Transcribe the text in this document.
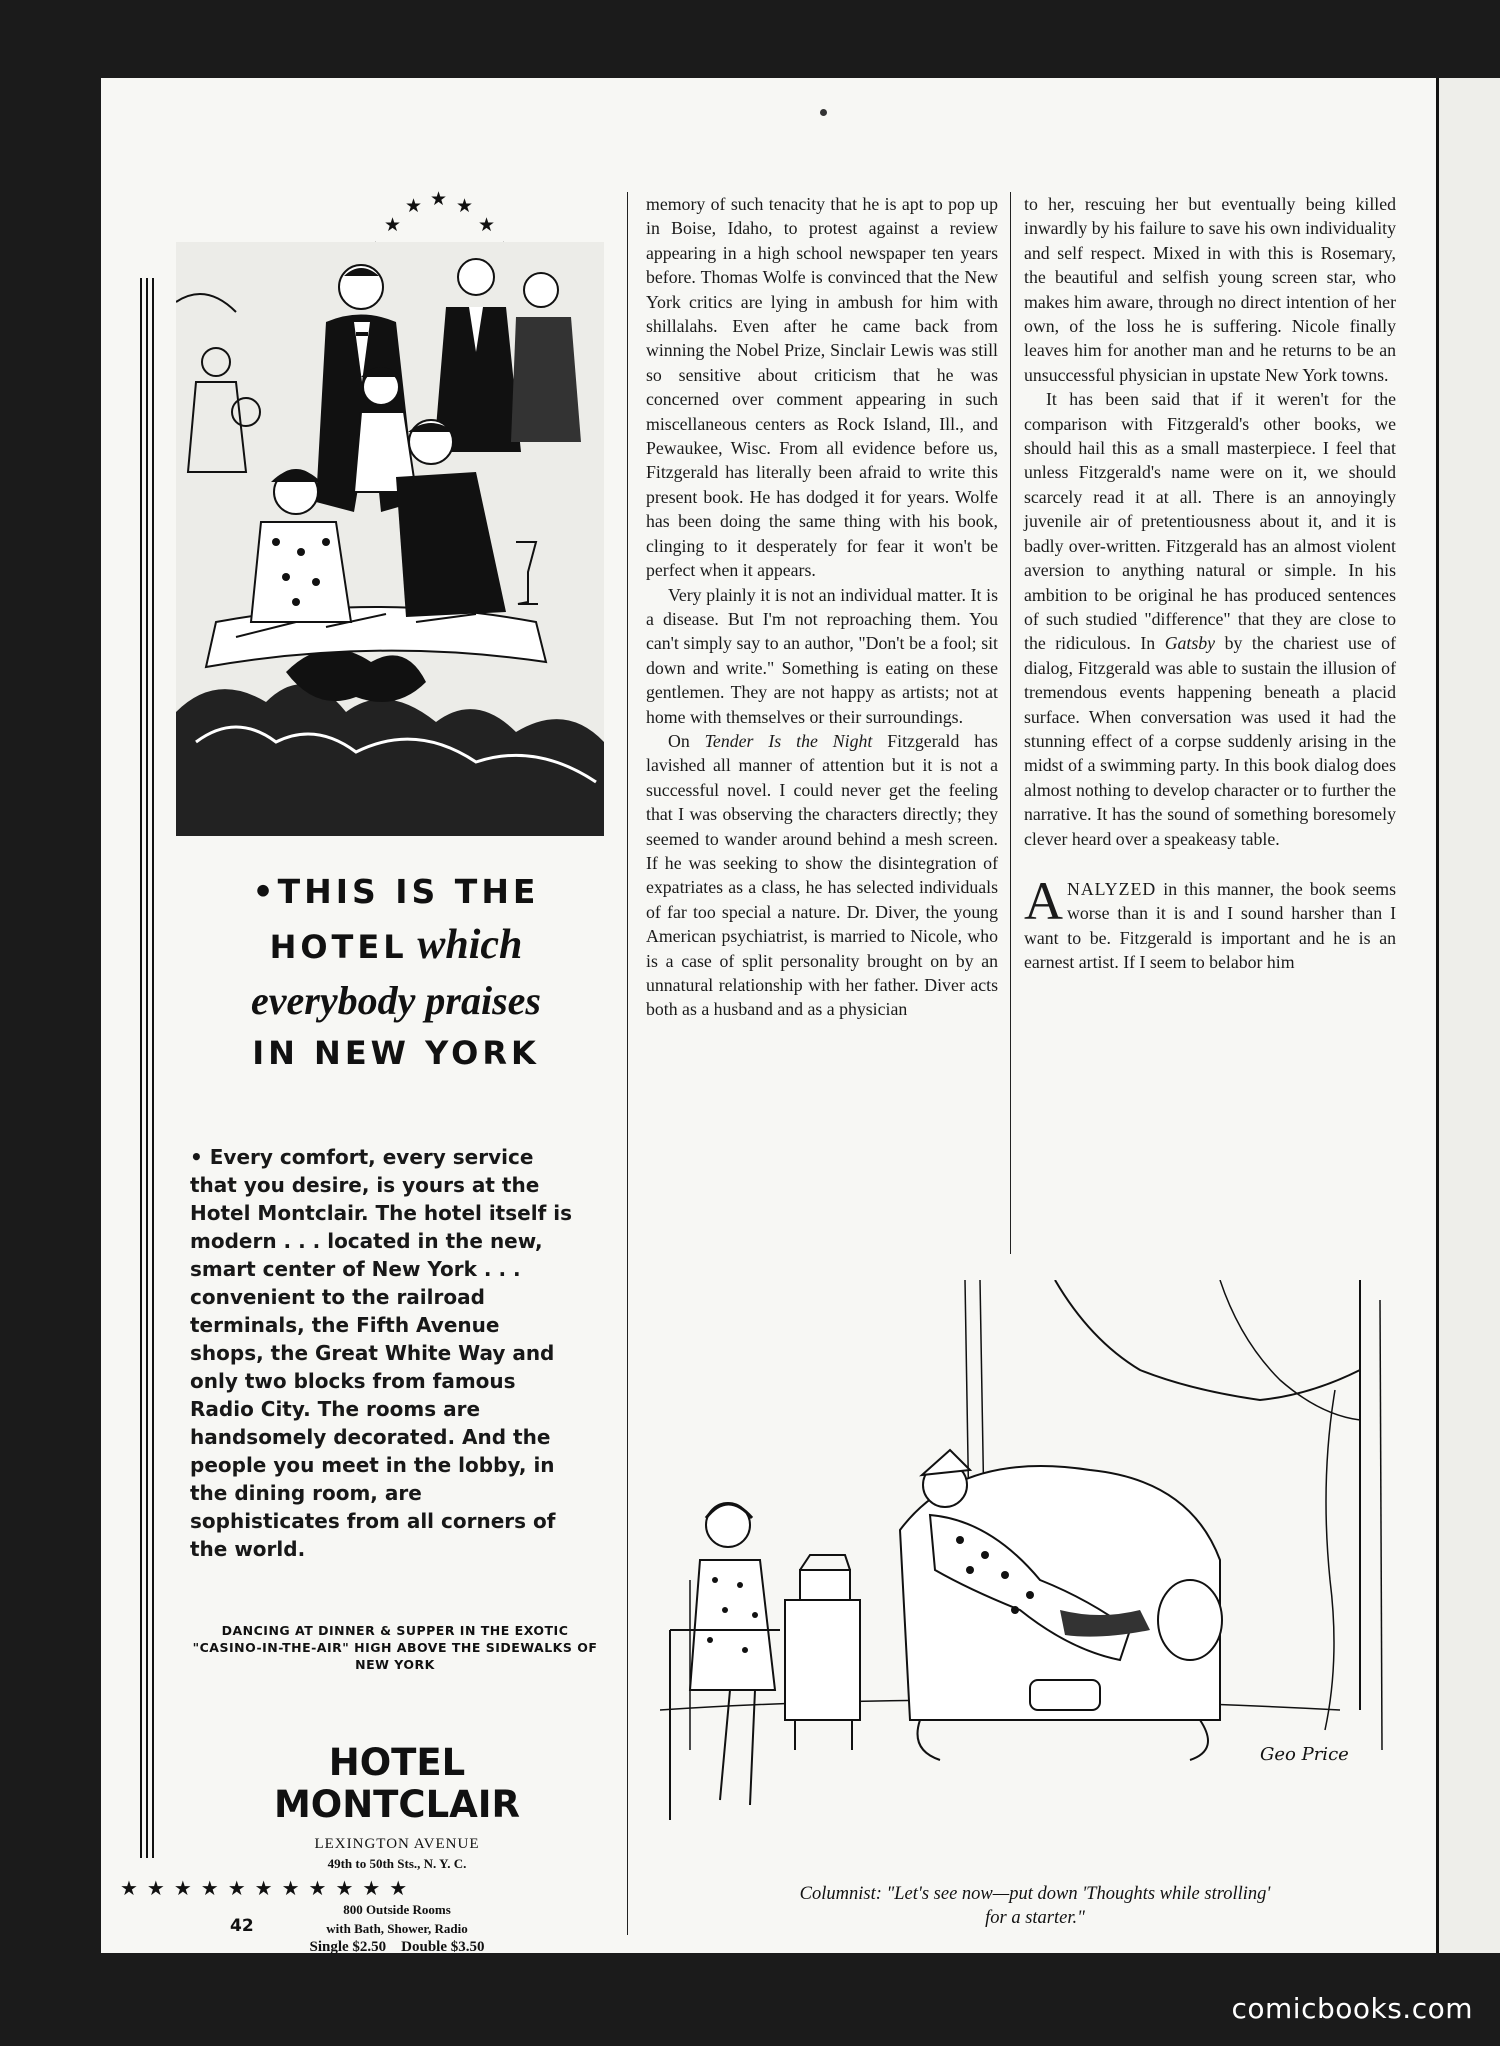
★
★ ★ ★
★

•THIS IS THE

HOTEL which

everybody praises

IN NEW YORK

• Every comfort, every service that you desire, is yours at the Hotel Montclair. The hotel itself is modern . . . located in the new, smart center of New York . . . convenient to the railroad terminals, the Fifth Avenue shops, the Great White Way and only two blocks from famous Radio City. The rooms are handsomely decorated. And the people you meet in the lobby, in the dining room, are sophisticates from all corners of the world.
DANCING AT DINNER & SUPPER IN THE EXOTIC "CASINO-IN-THE-AIR" HIGH ABOVE THE SIDEWALKS OF NEW YORK
HOTEL
MONTCLAIR
LEXINGTON AVENUE
49th to 50th Sts., N. Y. C.
800 Outside Rooms
with Bath, Shower, Radio
Single $2.50    Double $3.50
★★★★★★★★★★★
42

memory of such tenacity that he is apt to pop up in Boise, Idaho, to protest against a review appearing in a high school newspaper ten years before. Thomas Wolfe is convinced that the New York critics are lying in ambush for him with shillalahs. Even after he came back from winning the Nobel Prize, Sinclair Lewis was still so sensitive about criticism that he was concerned over comment appearing in such miscellaneous centers as Rock Island, Ill., and Pewaukee, Wisc. From all evidence before us, Fitzgerald has literally been afraid to write this present book. He has dodged it for years. Wolfe has been doing the same thing with his book, clinging to it desperately for fear it won't be perfect when it appears.

Very plainly it is not an individual matter. It is a disease. But I'm not reproaching them. You can't simply say to an author, "Don't be a fool; sit down and write." Something is eating on these gentlemen. They are not happy as artists; not at home with themselves or their surroundings.

On Tender Is the Night Fitzgerald has lavished all manner of attention but it is not a successful novel. I could never get the feeling that I was observing the characters directly; they seemed to wander around behind a mesh screen. If he was seeking to show the disintegration of expatriates as a class, he has selected individuals of far too special a nature. Dr. Diver, the young American psychiatrist, is married to Nicole, who is a case of split personality brought on by an unnatural relationship with her father. Diver acts both as a husband and as a physician

to her, rescuing her but eventually being killed inwardly by his failure to save his own individuality and self respect. Mixed in with this is Rosemary, the beautiful and selfish young screen star, who makes him aware, through no direct intention of her own, of the loss he is suffering. Nicole finally leaves him for another man and he returns to be an unsuccessful physician in upstate New York towns.

It has been said that if it weren't for the comparison with Fitzgerald's other books, we should hail this as a small masterpiece. I feel that unless Fitzgerald's name were on it, we should scarcely read it at all. There is an annoyingly juvenile air of pretentiousness about it, and it is badly over-written. Fitzgerald has an almost violent aversion to anything natural or simple. In his ambition to be original he has produced sentences of such studied "difference" that they are close to the ridiculous. In Gatsby by the chariest use of dialog, Fitzgerald was able to sustain the illusion of tremendous events happening beneath a placid surface. When conversation was used it had the stunning effect of a corpse suddenly arising in the midst of a swimming party. In this book dialog does almost nothing to develop character or to further the narrative. It has the sound of something boresomely clever heard over a speakeasy table.

ANALYZED in this manner, the book seems worse than it is and I sound harsher than I want to be. Fitzgerald is important and he is an earnest artist. If I seem to belabor him

Geo Price
Columnist: "Let's see now—put down 'Thoughts while strolling'
for a starter."
comicbooks.com
